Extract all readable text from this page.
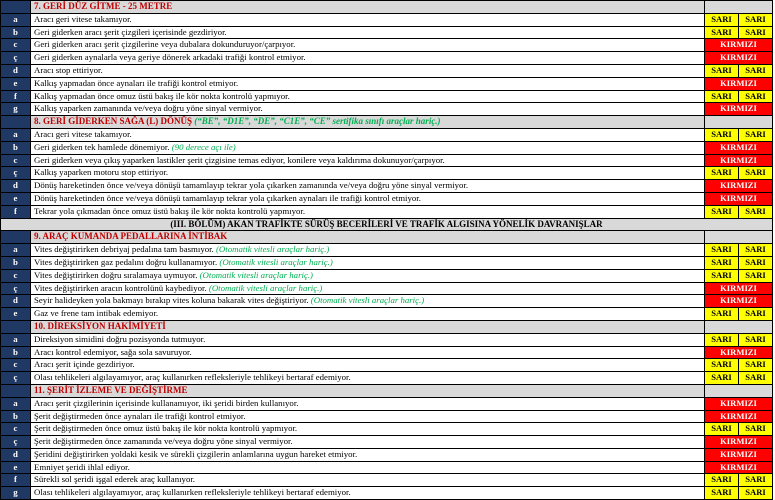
	7. GERİ DÜZ GİTME - 25 METRE		
a	Aracı geri vitese takamıyor.	SARI	SARI
b	Geri giderken aracı şerit çizgileri içerisinde gezdiriyor.	SARI	SARI
c	Geri giderken aracı şerit çizgilerine veya dubalara dokunduruyor/çarpıyor.	KIRMIZI	
ç	Geri giderken aynalarla veya geriye dönerek arkadaki trafiği kontrol etmiyor.	KIRMIZI	
d	Aracı stop ettiriyor.	SARI	SARI
e	Kalkış yapmadan önce aynaları ile trafiği kontrol etmiyor.	KIRMIZI	
f	Kalkış yapmadan önce omuz üstü bakış ile kör nokta kontrolü yapmıyor.	SARI	SARI
g	Kalkış yaparken zamanında ve/veya doğru yöne sinyal vermiyor.	KIRMIZI	
	8. GERİ GİDERKEN SAĞA (L) DÖNÜŞ (“BE”, “D1E”, “DE”, “C1E”, “CE” sertifika sınıfı araçlar hariç.)		
a	Aracı geri vitese takamıyor.	SARI	SARI
b	Geri giderken tek hamlede dönemiyor. (90 derece açı ile)	KIRMIZI	
c	Geri giderken veya çıkış yaparken lastikler şerit çizgisine temas ediyor, konilere veya kaldırıma dokunuyor/çarpıyor.	KIRMIZI	
ç	Kalkış yaparken motoru stop ettiriyor.	SARI	SARI
d	Dönüş hareketinden önce ve/veya dönüşü tamamlayıp tekrar yola çıkarken zamanında ve/veya doğru yöne sinyal vermiyor.	KIRMIZI	
e	Dönüş hareketinden önce ve/veya dönüşü tamamlayıp tekrar yola çıkarken aynaları ile trafiği kontrol etmiyor.	KIRMIZI	
f	Tekrar yola çıkmadan önce omuz üstü bakış ile kör nokta kontrolü yapmıyor.	SARI	SARI
(III. BÖLÜM) AKAN TRAFİKTE SÜRÜŞ BECERİLERİ VE TRAFİK ALGISINA YÖNELİK DAVRANIŞLAR			
	9. ARAÇ KUMANDA PEDALLARINA İNTİBAK		
a	Vites değiştirirken debriyaj pedalına tam basmıyor. (Otomatik vitesli araçlar hariç.)	SARI	SARI
b	Vites değiştirirken gaz pedalını doğru kullanamıyor. (Otomatik vitesli araçlar hariç.)	SARI	SARI
c	Vites değiştirirken doğru sıralamaya uymuyor. (Otomatik vitesli araçlar hariç.)	SARI	SARI
ç	Vites değiştirirken aracın kontrolünü kaybediyor. (Otomatik vitesli araçlar hariç.)	KIRMIZI	
d	Seyir halideyken yola bakmayı bırakıp vites koluna bakarak vites değiştiriyor. (Otomatik vitesli araçlar hariç.)	KIRMIZI	
e	Gaz ve frene tam intibak edemiyor.	SARI	SARI
	10. DİREKSİYON HAKİMİYETİ		
a	Direksiyon simidini doğru pozisyonda tutmuyor.	SARI	SARI
b	Aracı kontrol edemiyor, sağa sola savuruyor.	KIRMIZI	
c	Aracı şerit içinde gezdiriyor.	SARI	SARI
ç	Olası tehlikeleri algılayamıyor, araç kullanırken refleksleriyle tehlikeyi bertaraf edemiyor.	SARI	SARI
	11. ŞERİT İZLEME VE DEĞİŞTİRME		
a	Aracı şerit çizgilerinin içerisinde kullanamıyor, iki şeridi birden kullanıyor.	KIRMIZI	
b	Şerit değiştirmeden önce aynaları ile trafiği kontrol etmiyor.	KIRMIZI	
c	Şerit değiştirmeden önce omuz üstü bakış ile kör nokta kontrolü yapmıyor.	SARI	SARI
ç	Şerit değiştirmeden önce zamanında ve/veya doğru yöne sinyal vermiyor.	KIRMIZI	
d	Şeridini değiştirirken yoldaki kesik ve sürekli çizgilerin anlamlarına uygun hareket etmiyor.	KIRMIZI	
e	Emniyet şeridi ihlal ediyor.	KIRMIZI	
f	Sürekli sol şeridi işgal ederek araç kullanıyor.	SARI	SARI
g	Olası tehlikeleri algılayamıyor, araç kullanırken refleksleriyle tehlikeyi bertaraf edemiyor.	SARI	SARI
